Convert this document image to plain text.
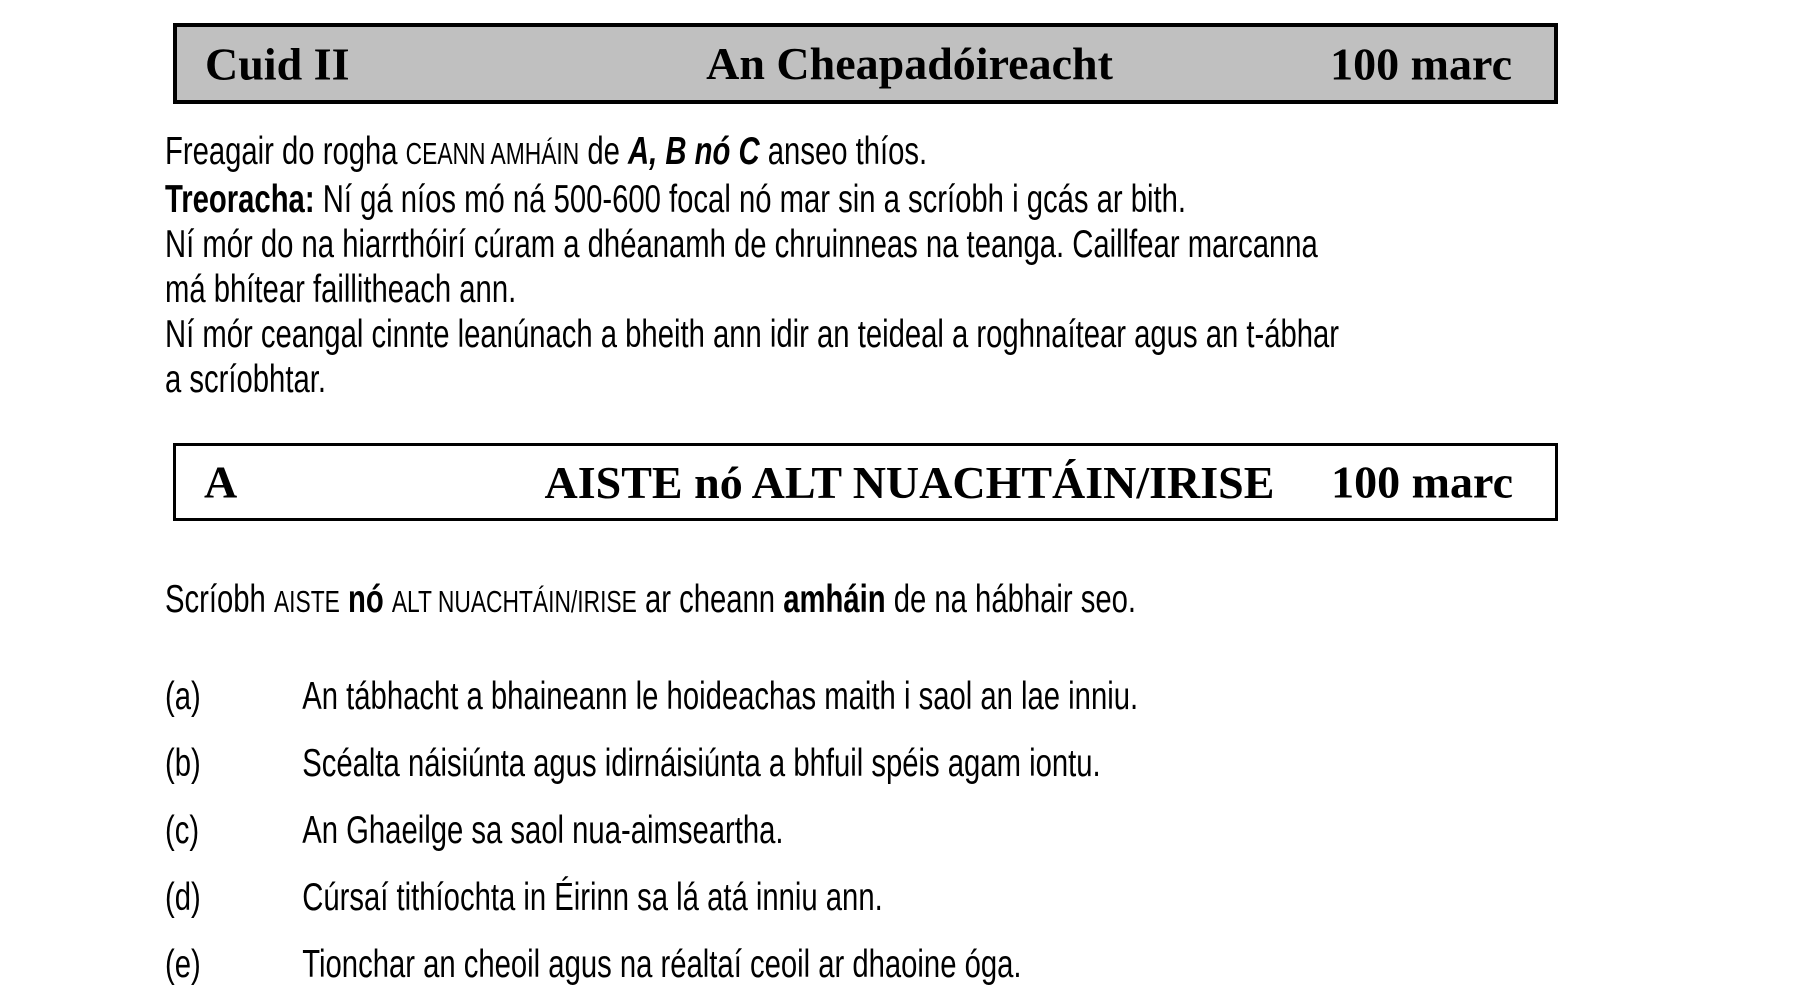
Cuid II	An Cheapadóireacht	100 marc
Freagair do rogha CEANN AMHÁIN de A, B nó C anseo thíos.
Treoracha: Ní gá níos mó ná 500-600 focal nó mar sin a scríobh i gcás ar bith.
Ní mór do na hiarrthóirí cúram a dhéanamh de chruinneas na teanga. Caillfear marcanna
má bhítear faillitheach ann.
Ní mór ceangal cinnte leanúnach a bheith ann idir an teideal a roghnaítear agus an t-ábhar
a scríobhtar.
A	AISTE nó ALT NUACHTÁIN/IRISE	100 marc
Scríobh AISTE nó ALT NUACHTÁIN/IRISE ar cheann amháin de na hábhair seo.
(a)	An tábhacht a bhaineann le hoideachas maith i saol an lae inniu.
(b)	Scéalta náisiúnta agus idirnáisiúnta a bhfuil spéis agam iontu.
(c)	An Ghaeilge sa saol nua-aimseartha.
(d)	Cúrsaí tithíochta in Éirinn sa lá atá inniu ann.
(e)	Tionchar an cheoil agus na réaltaí ceoil ar dhaoine óga.
